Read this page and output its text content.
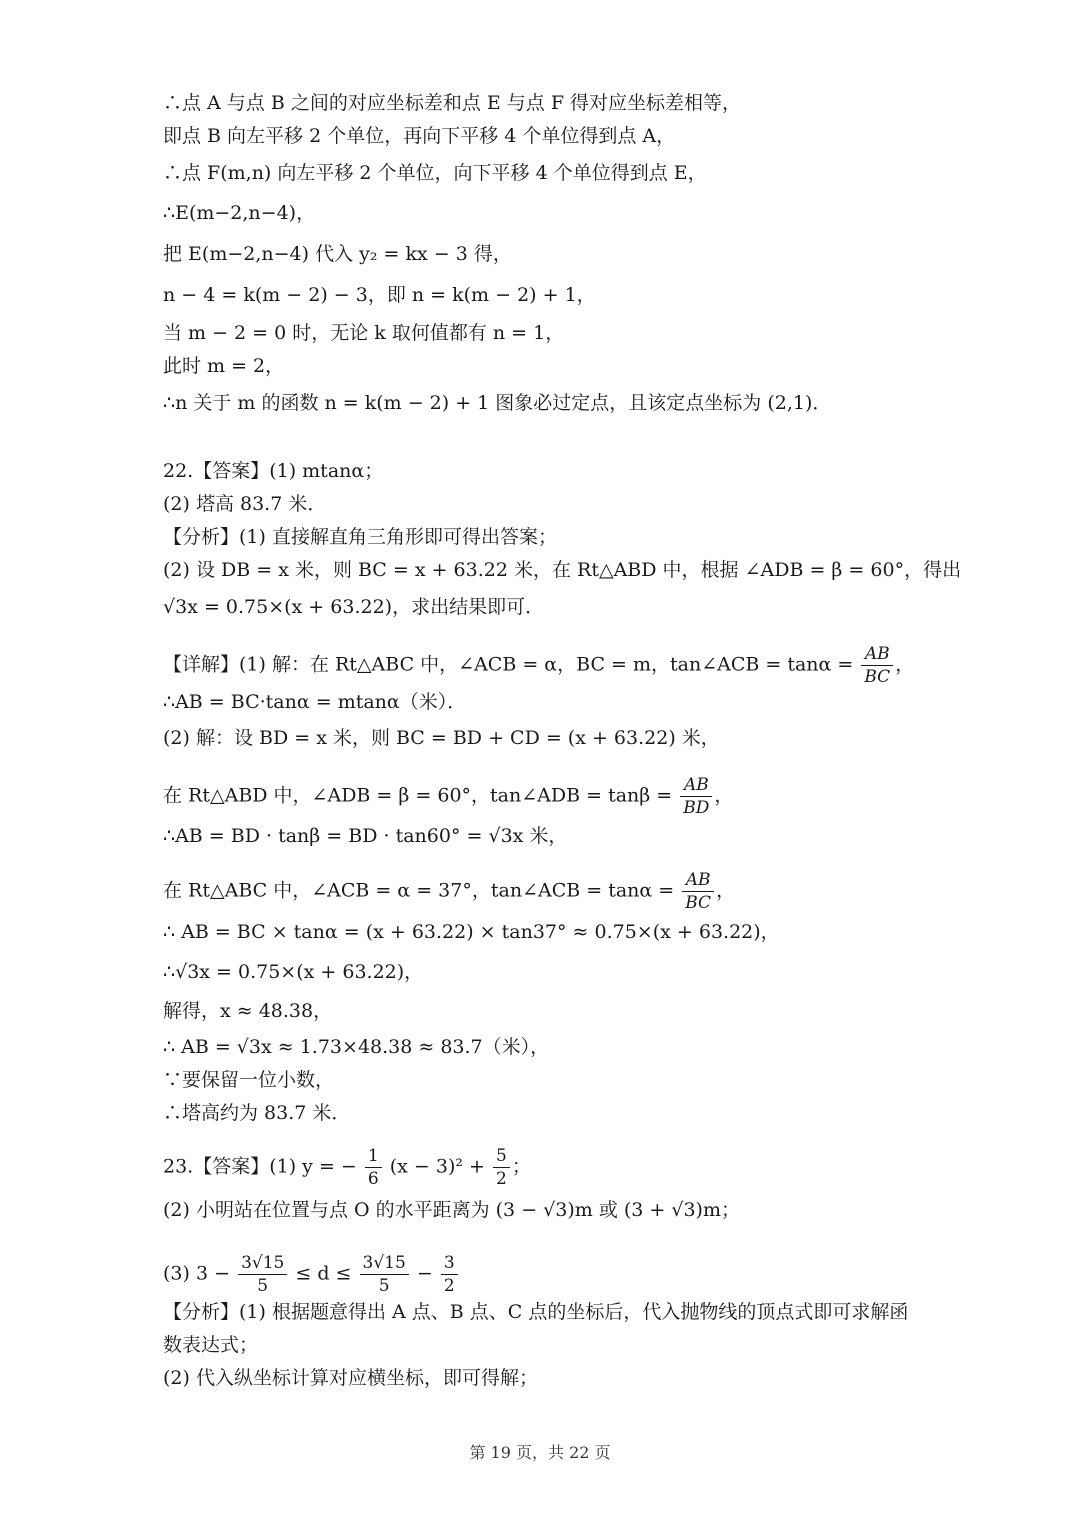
∴点 A 与点 B 之间的对应坐标差和点 E 与点 F 得对应坐标差相等，
即点 B 向左平移 2 个单位，再向下平移 4 个单位得到点 A，
∴点 F(m,n) 向左平移 2 个单位，向下平移 4 个单位得到点 E，
∴E(m−2,n−4)，
把 E(m−2,n−4) 代入 y₂ = kx − 3 得，
n − 4 = k(m − 2) − 3，即 n = k(m − 2) + 1，
当 m − 2 = 0 时，无论 k 取何值都有 n = 1，
此时 m = 2，
∴n 关于 m 的函数 n = k(m − 2) + 1 图象必过定点，且该定点坐标为 (2,1)．
22.【答案】(1) mtanα；
(2) 塔高 83.7 米．
【分析】(1) 直接解直角三角形即可得出答案；
(2) 设 DB = x 米，则 BC = x + 63.22 米，在 Rt△ABD 中，根据 ∠ADB = β = 60°，得出
√3x = 0.75×(x + 63.22)，求出结果即可．
【详解】(1) 解：在 Rt△ABC 中，∠ACB = α，BC = m，tan∠ACB = $\tan\alpha = \frac{AB}{BC}$ ，
∴AB = BC·tanα = mtanα（米）．
(2) 解：设 BD = x 米，则 BC = BD + CD = (x + 63.22) 米，
在 Rt△ABD 中，∠ADB = β = 60°，tan∠ADB = $\tan\beta = \frac{AB}{BD}$ ，
∴AB = BD · tanβ = BD · tan60° = √3x 米，
在 Rt△ABC 中，∠ACB = α = 37°，tan∠ACB = $\tan\alpha = \frac{AB}{BC}$ ，
∴ AB = BC × tanα = (x + 63.22) × tan37° ≈ 0.75×(x + 63.22)，
∴√3x = 0.75×(x + 63.22)，
解得，x ≈ 48.38，
∴ AB = √3x ≈ 1.73×48.38 ≈ 83.7（米），
∵要保留一位小数，
∴塔高约为 83.7 米．
23.【答案】(1) y = − $\frac{1}{6} (x - 3)^2 + \frac{5}{2}$ ；
(2) 小明站在位置与点 O 的水平距离为 (3 − √3)m 或 (3 + √3)m；
(3) $3 - \frac{3√15}{5} \le d \le \frac{3√15}{5} - \frac{3}{2}$
【分析】(1) 根据题意得出 A 点、B 点、C 点的坐标后，代入抛物线的顶点式即可求解函
数表达式；
(2) 代入纵坐标计算对应横坐标，即可得解；
第 19 页，共 22 页
